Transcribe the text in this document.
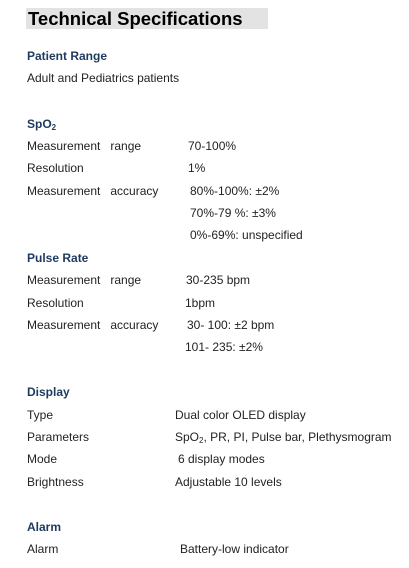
Technical Specifications
Patient Range
Adult and Pediatrics patients
SpO$_2$
Measurement   range	70-100%
Resolution	1%
Measurement   accuracy	80%-100%: ±2%
70%-79 %: ±3%
0%-69%: unspecified
Pulse Rate
Measurement   range	30-235 bpm
Resolution	1bpm
Measurement   accuracy 30- 100: ±2 bpm
101- 235: ±2%
Display
Type	Dual color OLED display
Parameters	SpO$_2$, PR, PI, Pulse bar, Plethysmogram
Mode	6 display modes
Brightness	Adjustable 10 levels
Alarm
Alarm	Battery-low indicator
